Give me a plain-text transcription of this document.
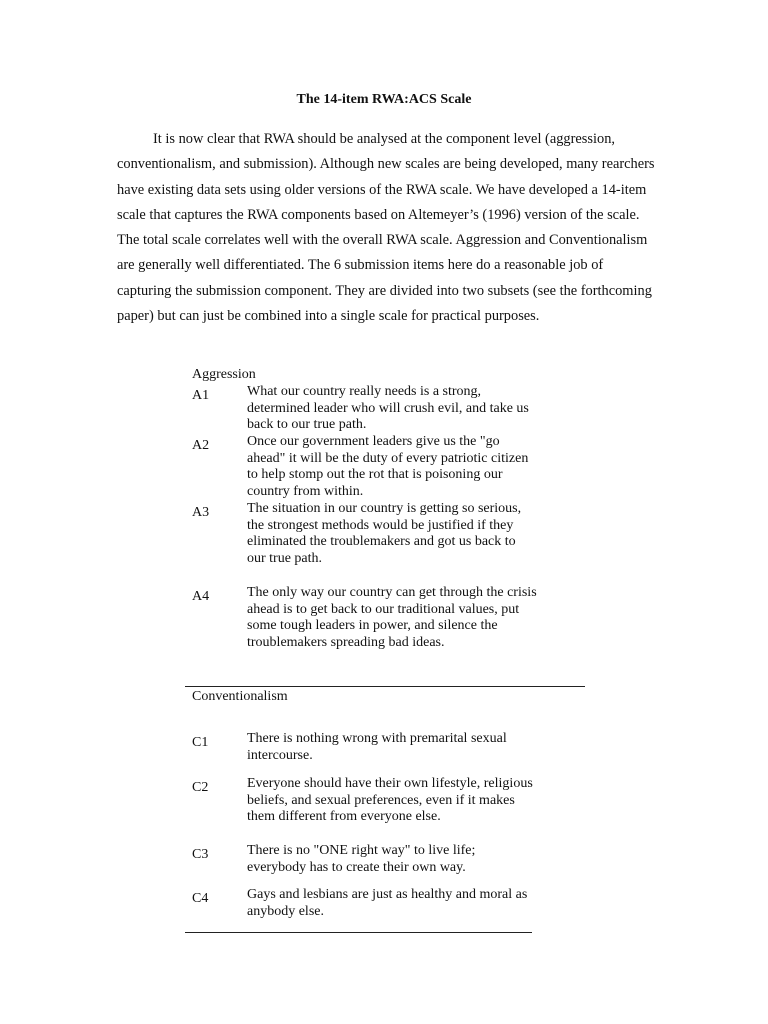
The 14-item RWA:ACS Scale

It is now clear that RWA should be analysed at the component level (aggression, conventionalism, and submission). Although new scales are being developed, many rearchers have existing data sets using older versions of the RWA scale. We have developed a 14-item scale that captures the RWA components based on Altemeyer’s (1996) version of the scale. The total scale correlates well with the overall RWA scale. Aggression and Conventionalism are generally well differentiated. The 6 submission items here do a reasonable job of capturing the submission component. They are divided into two subsets (see the forthcoming paper) but can just be combined into a single scale for practical purposes.

Aggression
A1	What our country really needs is a strong, determined leader who will crush evil, and take us back to our true path.
A2	Once our government leaders give us the "go ahead" it will be the duty of every patriotic citizen to help stomp out the rot that is poisoning our country from within.
A3	The situation in our country is getting so serious, the strongest methods would be justified if they eliminated the troublemakers and got us back to our true path.
A4	The only way our country can get through the crisis ahead is to get back to our traditional values, put some tough leaders in power, and silence the troublemakers spreading bad ideas.
Conventionalism
C1	There is nothing wrong with premarital sexual intercourse.
C2	Everyone should have their own lifestyle, religious beliefs, and sexual preferences, even if it makes them different from everyone else.
C3	There is no "ONE right way" to live life; everybody has to create their own way.
C4	Gays and lesbians are just as healthy and moral as anybody else.
